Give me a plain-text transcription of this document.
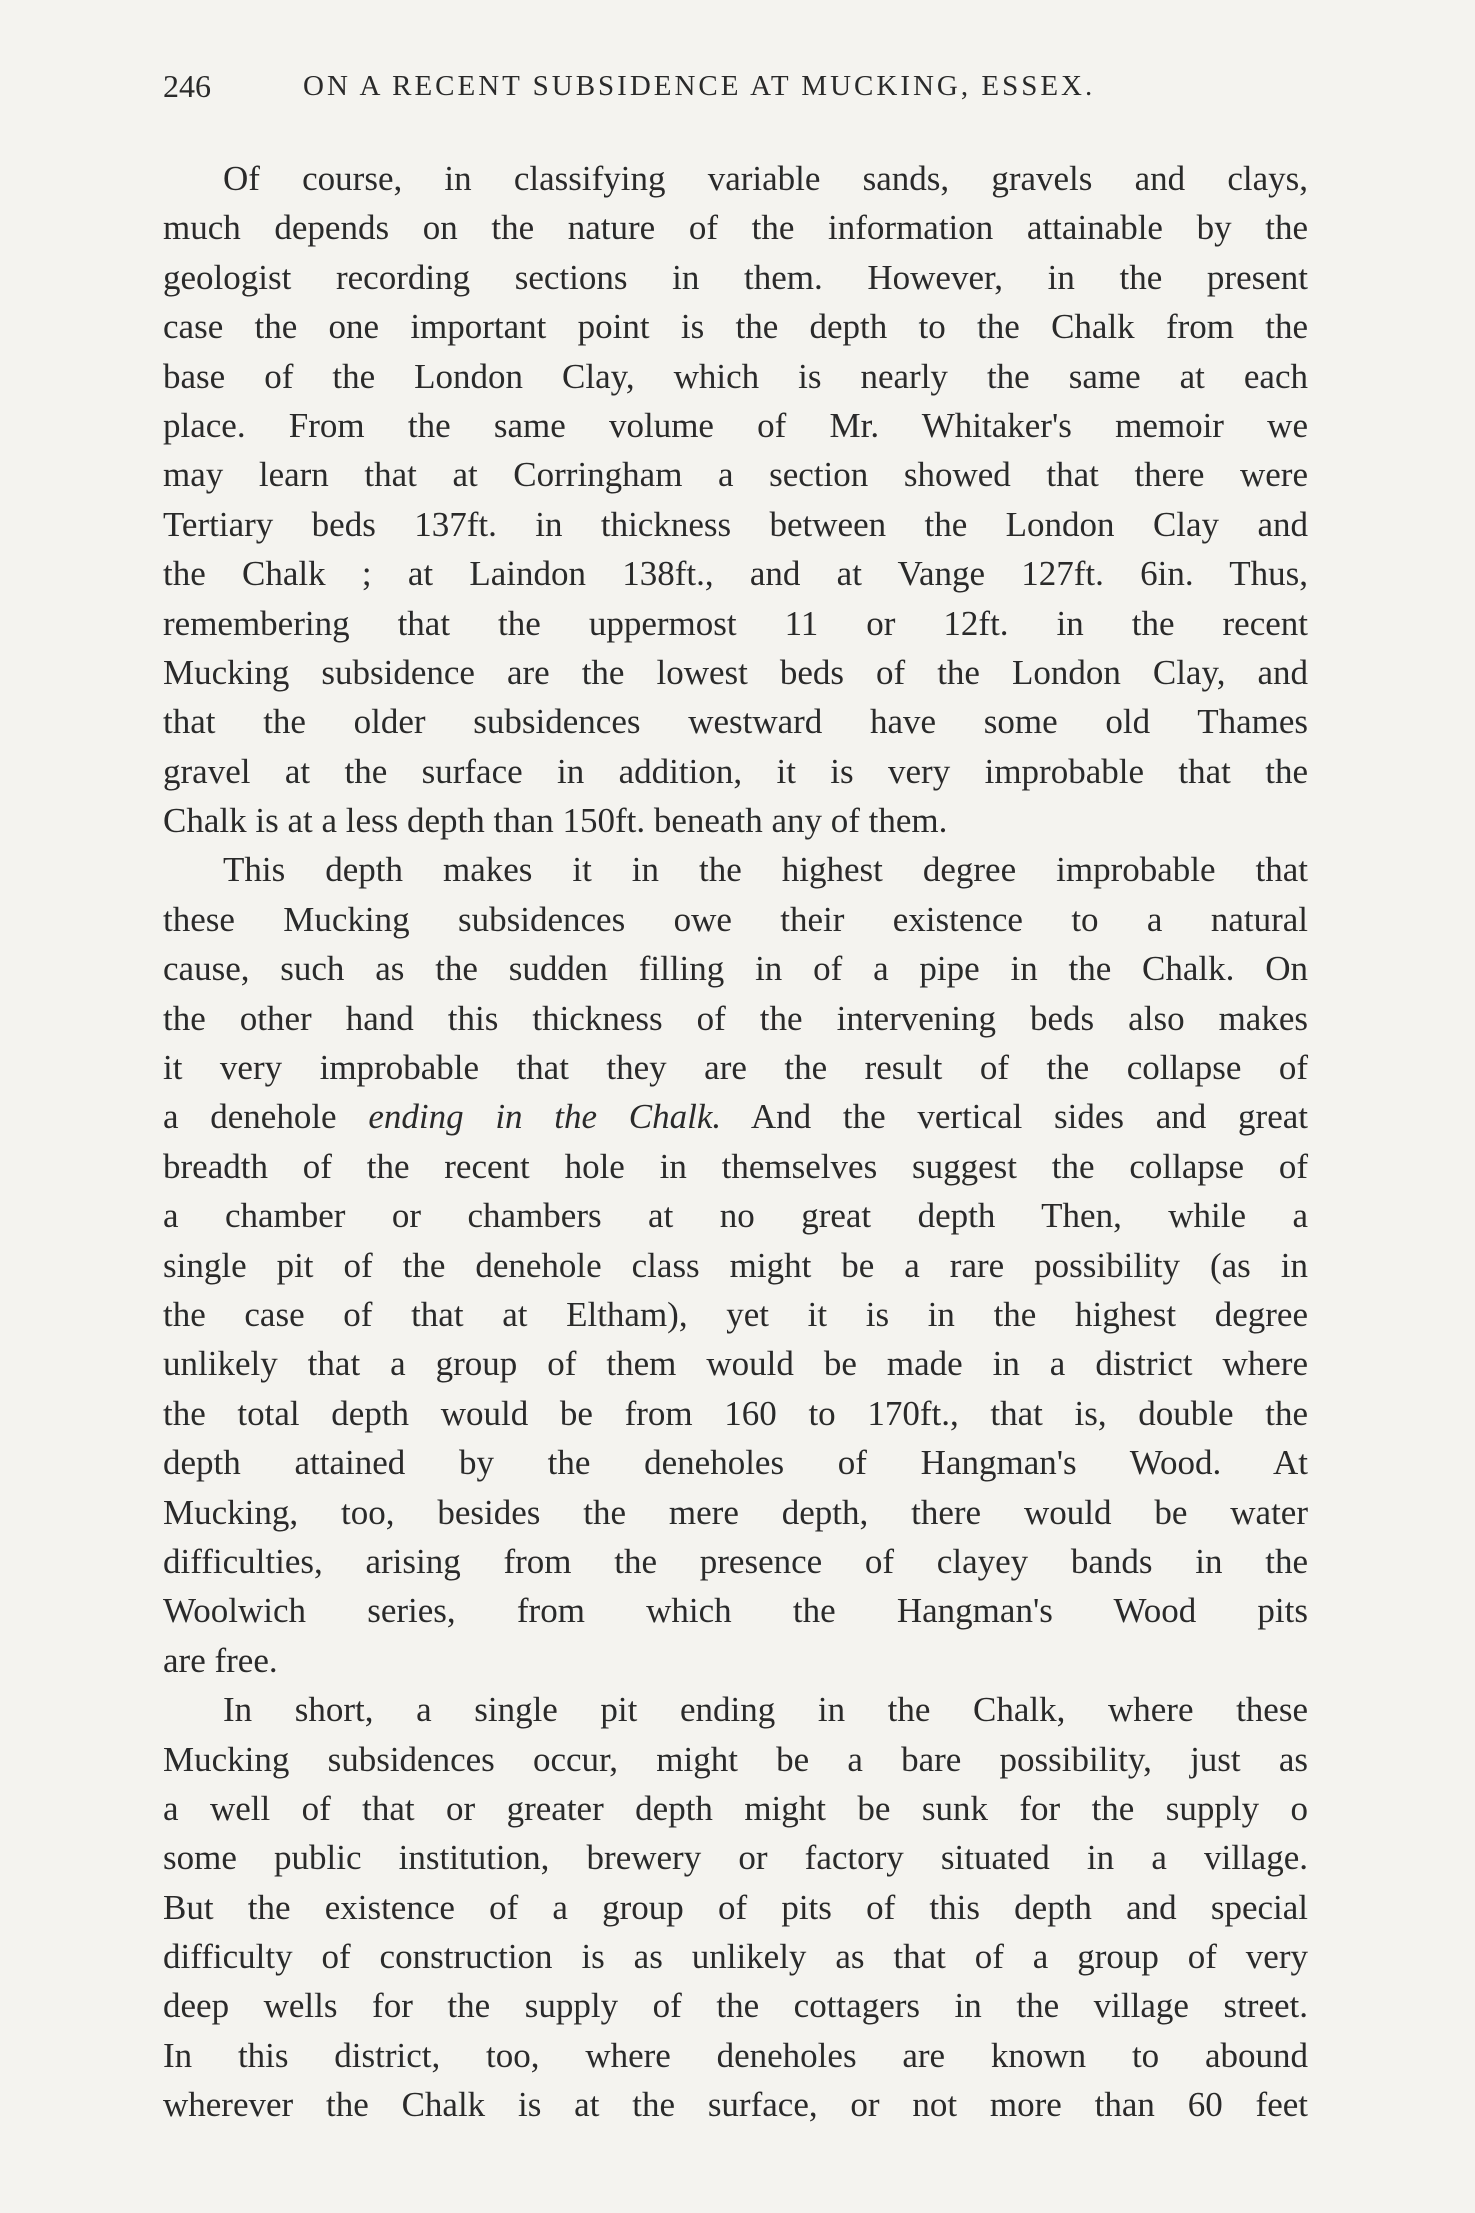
246	ON A RECENT SUBSIDENCE AT MUCKING, ESSEX.
Of course, in classifying variable sands, gravels and clays,
much depends on the nature of the information attainable by the
geologist recording sections in them. However, in the present
case the one important point is the depth to the Chalk from the
base of the London Clay, which is nearly the same at each
place. From the same volume of Mr. Whitaker's memoir we
may learn that at Corringham a section showed that there were
Tertiary beds 137ft. in thickness between the London Clay and
the Chalk ; at Laindon 138ft., and at Vange 127ft. 6in. Thus,
remembering that the uppermost 11 or 12ft. in the recent
Mucking subsidence are the lowest beds of the London Clay, and
that the older subsidences westward have some old Thames
gravel at the surface in addition, it is very improbable that the
Chalk is at a less depth than 150ft. beneath any of them.
This depth makes it in the highest degree improbable that
these Mucking subsidences owe their existence to a natural
cause, such as the sudden filling in of a pipe in the Chalk. On
the other hand this thickness of the intervening beds also makes
it very improbable that they are the result of the collapse of
a denehole ending in the Chalk. And the vertical sides and great
breadth of the recent hole in themselves suggest the collapse of
a chamber or chambers at no great depth Then, while a
single pit of the denehole class might be a rare possibility (as in
the case of that at Eltham), yet it is in the highest degree
unlikely that a group of them would be made in a district where
the total depth would be from 160 to 170ft., that is, double the
depth attained by the deneholes of Hangman's Wood. At
Mucking, too, besides the mere depth, there would be water
difficulties, arising from the presence of clayey bands in the
Woolwich series, from which the Hangman's Wood pits
are free.
In short, a single pit ending in the Chalk, where these
Mucking subsidences occur, might be a bare possibility, just as
a well of that or greater depth might be sunk for the supply o
some public institution, brewery or factory situated in a village.
But the existence of a group of pits of this depth and special
difficulty of construction is as unlikely as that of a group of very
deep wells for the supply of the cottagers in the village street.
In this district, too, where deneholes are known to abound
wherever the Chalk is at the surface, or not more than 60 feet
